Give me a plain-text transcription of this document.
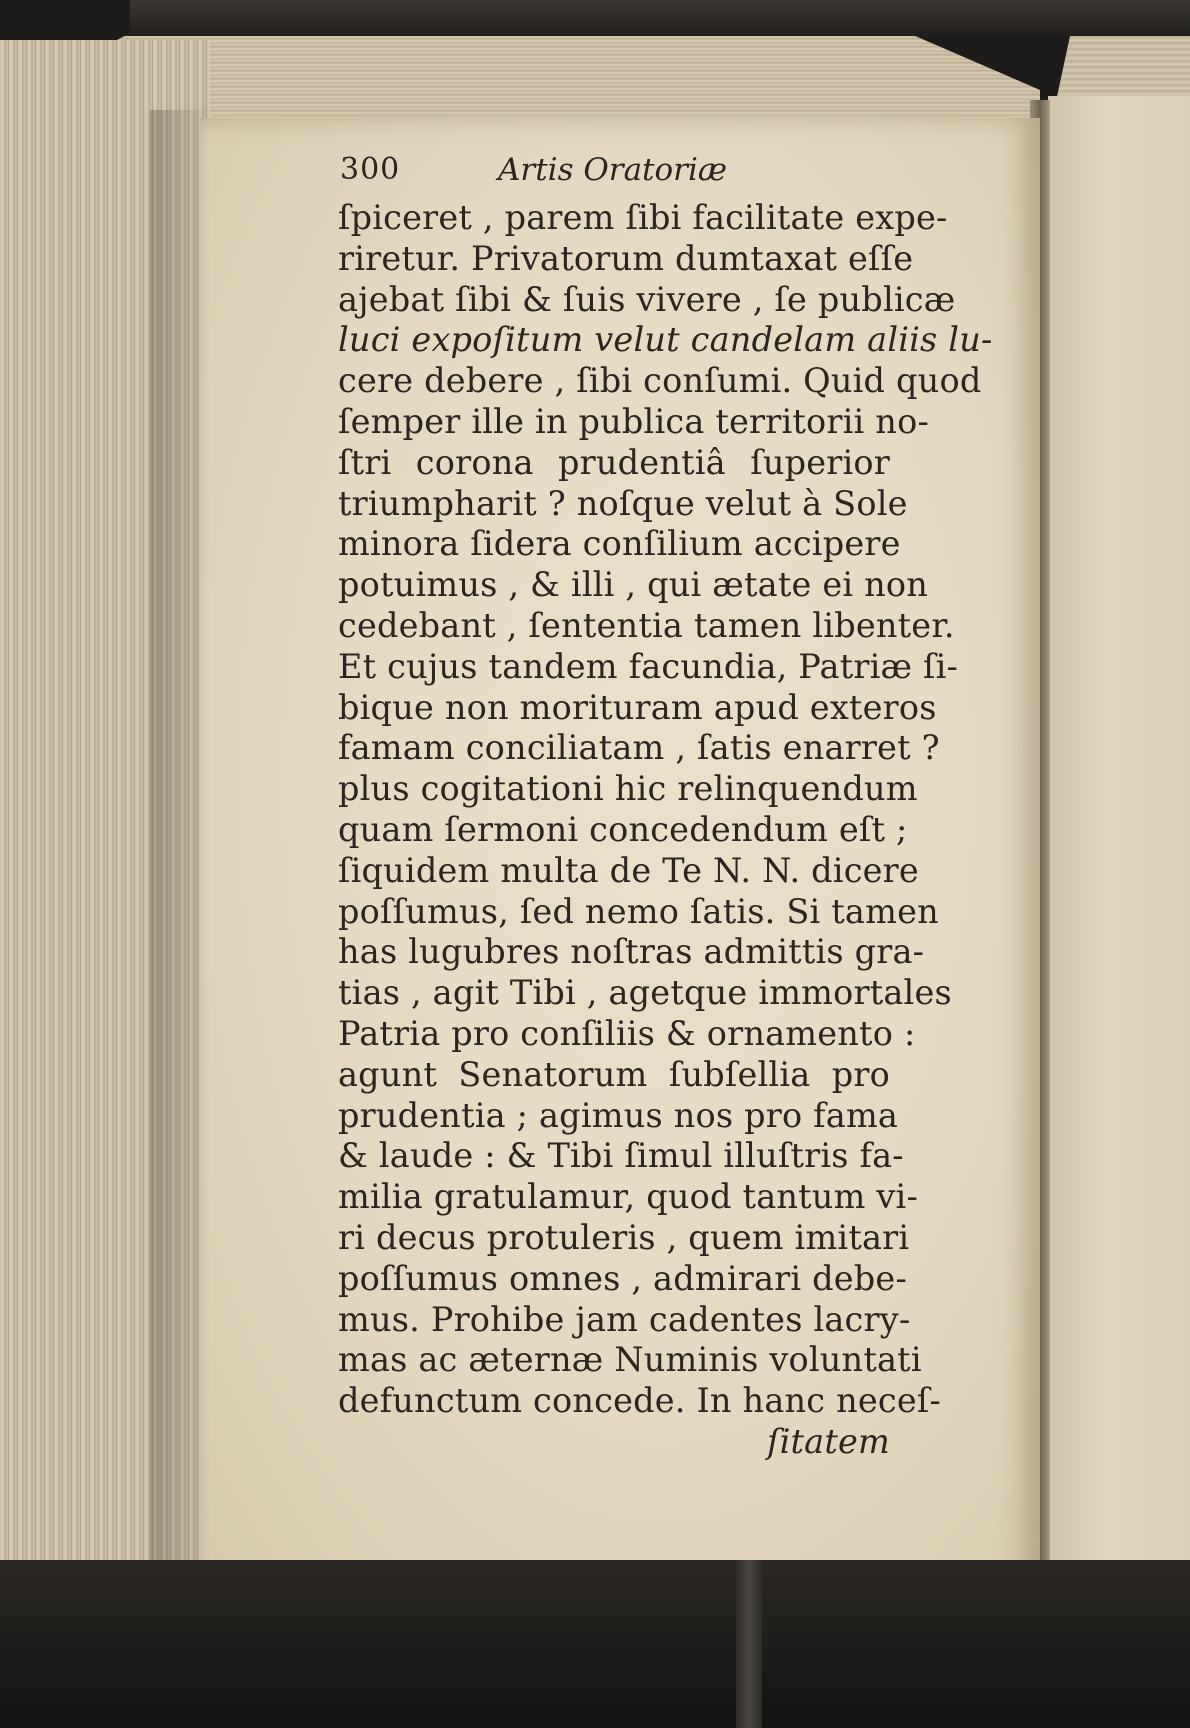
300	Artis Oratoriæ
ſpiceret , parem ſibi facilitate expe-
riretur. Privatorum dumtaxat eſſe
ajebat ſibi & ſuis vivere , ſe publicæ
luci expoſitum velut candelam aliis lu-
cere debere , ſibi conſumi. Quid quod
ſemper ille in publica territorii no-
ſtri corona prudentiâ ſuperior
triumpharit ? noſque velut à Sole
minora ſidera conſilium accipere
potuimus , & illi , qui ætate ei non
cedebant , ſententia tamen libenter.
Et cujus tandem facundia, Patriæ ſi-
bique non morituram apud exteros
famam conciliatam , ſatis enarret ?
plus cogitationi hic relinquendum
quam ſermoni concedendum eſt ;
ſiquidem multa de Te N. N. dicere
poſſumus, ſed nemo ſatis. Si tamen
has lugubres noſtras admittis gra-
tias , agit Tibi , agetque immortales
Patria pro conſiliis & ornamento :
agunt Senatorum ſubſellia pro
prudentia ; agimus nos pro fama
& laude : & Tibi ſimul illuſtris fa-
milia gratulamur, quod tantum vi-
ri decus protuleris , quem imitari
poſſumus omnes , admirari debe-
mus. Prohibe jam cadentes lacry-
mas ac æternæ Numinis voluntati
defunctum concede. In hanc neceſ-
ſitatem
